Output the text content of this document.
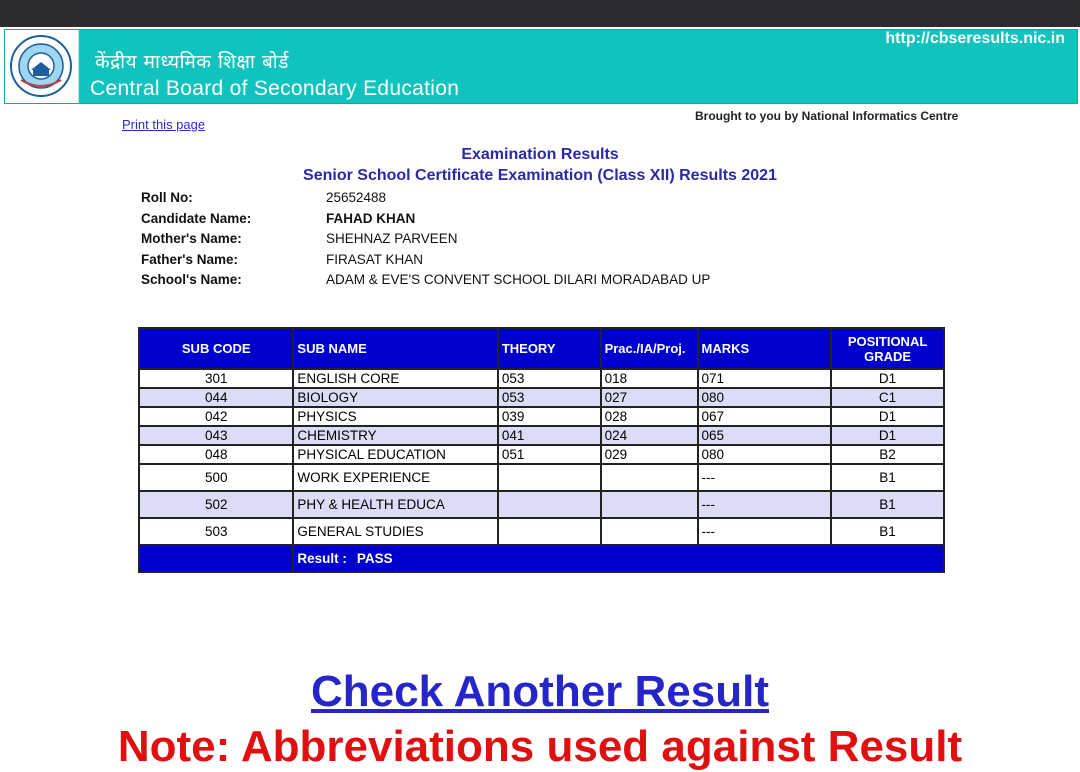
केंद्रीय माध्यमिक शिक्षा बोर्ड
Central Board of Secondary Education
http://cbseresults.nic.in
Print this page
Brought to you by National Informatics Centre
Examination Results
Senior School Certificate Examination (Class XII) Results 2021
Roll No:	25652488
Candidate Name:	FAHAD KHAN
Mother's Name:	SHEHNAZ PARVEEN
Father's Name:	FIRASAT KHAN
School's Name:	ADAM & EVE'S CONVENT SCHOOL DILARI MORADABAD UP
SUB CODE	SUB NAME	THEORY	Prac./IA/Proj.	MARKS	POSITIONAL GRADE
301	ENGLISH CORE	053	018	071	D1
044	BIOLOGY	053	027	080	C1
042	PHYSICS	039	028	067	D1
043	CHEMISTRY	041	024	065	D1
048	PHYSICAL EDUCATION	051	029	080	B2
500	WORK EXPERIENCE			---	B1
502	PHY & HEALTH EDUCA			---	B1
503	GENERAL STUDIES			---	B1
	Result : PASS				
Check Another Result
Note: Abbreviations used against Result
